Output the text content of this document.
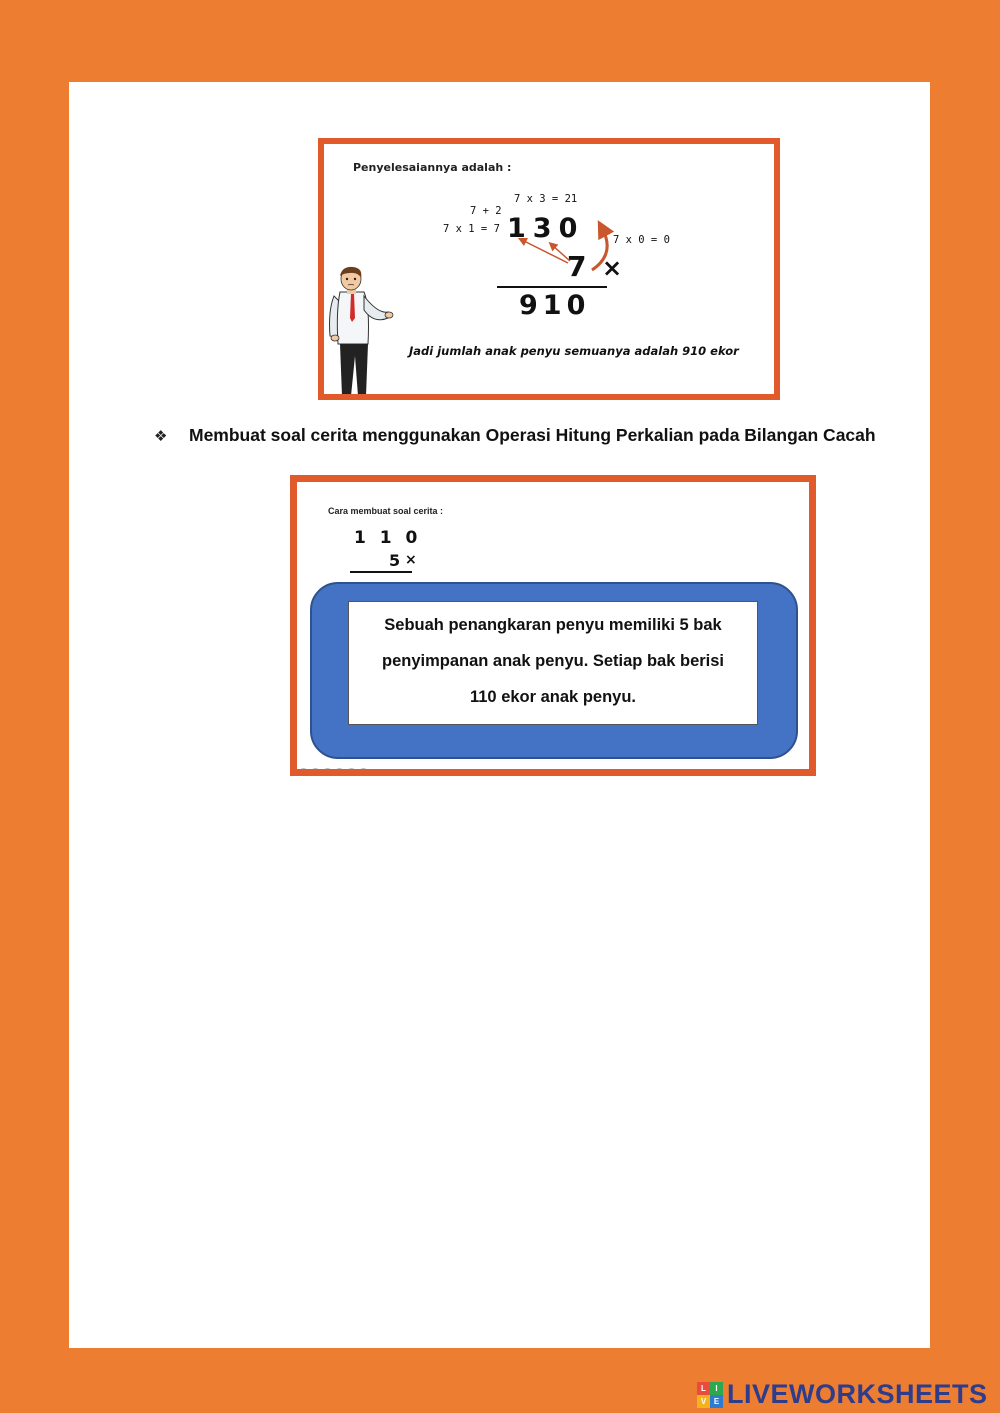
Penyelesaiannya adalah :
7 x 3 = 21
7 + 2
7 x 1 = 7
7 x 0 = 0
130
7 ×
910
Jadi jumlah anak penyu semuanya adalah 910 ekor
❖	Membuat soal cerita menggunakan Operasi Hitung Perkalian pada Bilangan Cacah
Cara membuat soal cerita :
1 1 0
5 ×
Sebuah penangkaran penyu memiliki 5 bak
penyimpanan anak penyu. Setiap bak berisi
110 ekor anak penyu.
L	I
V E LIVEWORKSHEETS
